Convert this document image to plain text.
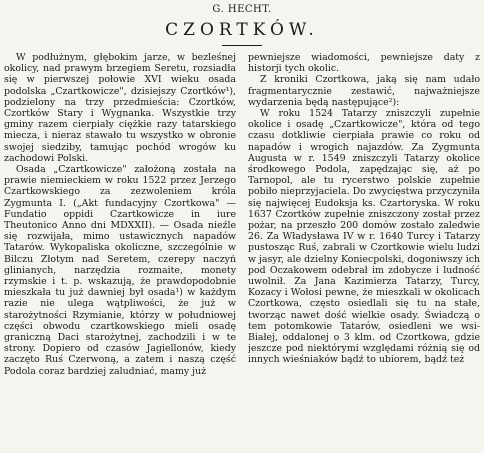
G. HECHT.
CZORTKÓW.

W podłużnym, głębokim jarze, w bezleśnej okolicy, nad prawym brzegiem Seretu, rozsiadła się w pierwszej połowie XVI wieku osada podolska „Czartkowicze", dzisiejszy Czortków¹), podzielony na trzy przedmieścia: Czortków, Czortków Stary i Wygnanka. Wszystkie trzy gminy razem cierpiały ciężkie razy tatarskiego miecza, i nieraz stawało tu wszystko w obronie swojej siedziby, tamując pochód wrogów ku zachodowi Polski.

Osada „Czartkowicze" założoną została na prawie niemieckiem w roku 1522 przez Jerzego Czartkowskiego za zezwoleniem króla Zygmunta I. („Akt fundacyjny Czortkowa" — Fundatio oppidi Czartkowicze in iure Theutonico Anno dni MDXXII). — Osada nieźle się rozwijała, mimo ustawicznych napadów Tatarów. Wykopaliska okoliczne, szczególnie w Bilczu Złotym nad Seretem, czerepy naczyń glinianych, narzędzia rozmaite, monety rzymskie i t. p. wskazują, że prawdopodobnie mieszkała tu już dawniej był osada¹) w każdym razie nie ulega wątpliwości, że już w starożytności Rzymianie, którzy w południowej części obwodu czartkowskiego mieli osadę graniczną Daci starożytnej, zachodzili i w te strony. Dopiero od czasów Jagiellonów, kiedy zaczęto Ruś Czerwoną, a zatem i naszą część Podola coraz bardziej zaludniać, mamy już

pewniejsze wiadomości, pewniejsze daty z historji tych okolic.

Z kroniki Czortkowa, jaką się nam udało fragmentarycznie zestawić, najważniejsze wydarzenia będą następujące²):

W roku 1524 Tatarzy zniszczyli zupełnie okolice i osadę „Czartkowicze", która od tego czasu dotkliwie cierpiała prawie co roku od napadów i wrogich najazdów. Za Zygmunta Augusta w r. 1549 zniszczyli Tatarzy okolice środkowego Podola, zapędzając się, aż po Tarnopol, ale tu rycerstwo polskie zupełnie pobiło nieprzyjaciela. Do zwycięstwa przyczyniła się najwięcej Eudoksja ks. Czartoryska. W roku 1637 Czortków zupełnie zniszczony został przez pożar, na przeszło 200 domów zostało zaledwie 26. Za Władysława IV w r. 1640 Turcy i Tatarzy pustosząc Ruś, zabrali w Czortkowie wielu ludzi w jasyr, ale dzielny Koniecpolski, dogoniwszy ich pod Oczakowem odebrał im zdobycze i ludność uwolnił. Za Jana Kazimierza Tatarzy, Turcy, Kozacy i Wołosi pewne, że mieszkali w okolicach Czortkowa, często osiedlali się tu na stałe, tworząc nawet dość wielkie osady. Świadczą o tem potomkowie Tatarów, osiedleni we wsi-Białej, oddalonej o 3 klm. od Czortkowa, gdzie jeszcze pod niektórymi względami różnią się od innych wieśniaków bądź to ubiorem, bądź też
